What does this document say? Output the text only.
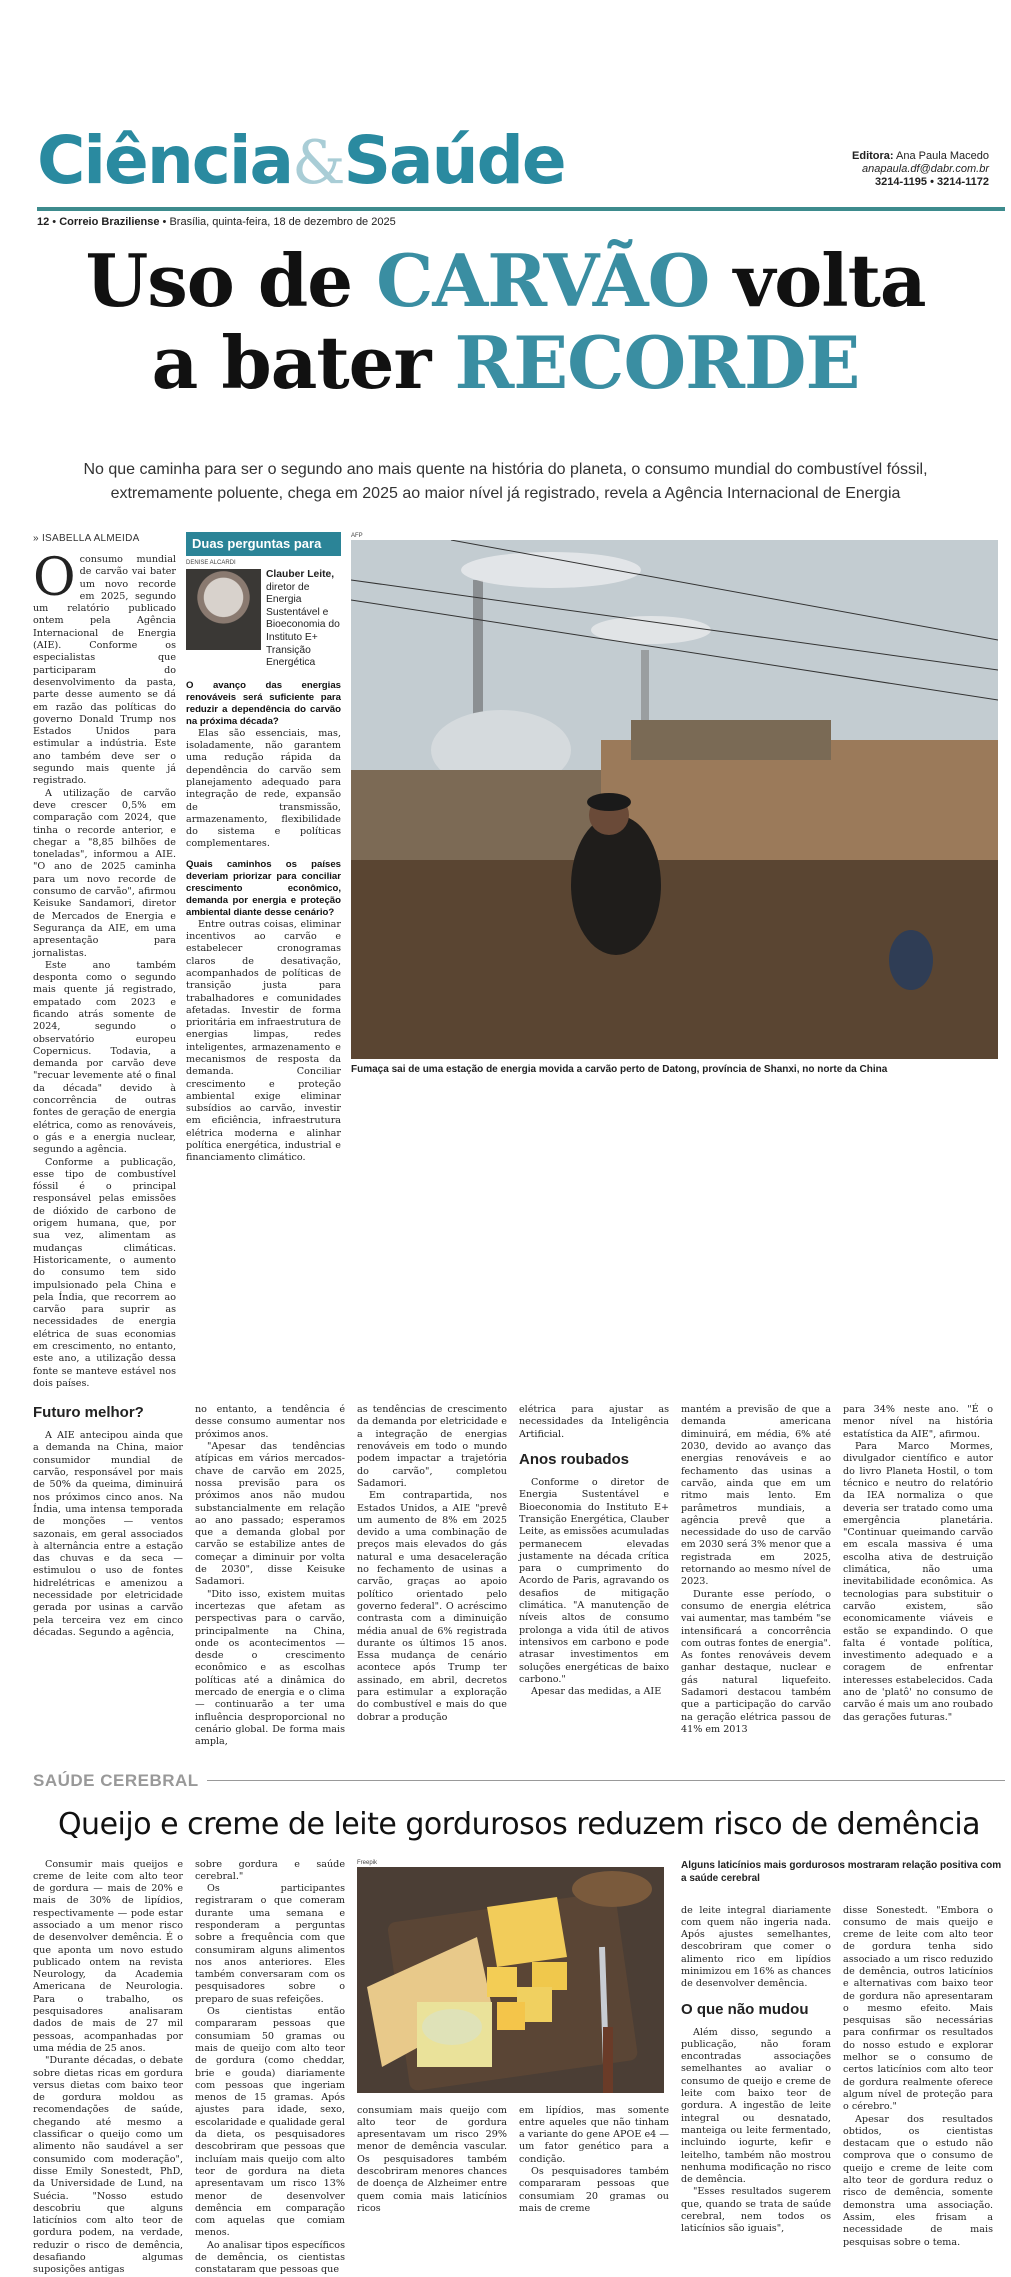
Ciência&Saúde	Editora: Ana Paula Macedo
anapaula.df@dabr.com.br
3214-1195 • 3214-1172
12 • Correio Braziliense • Brasília, quinta-feira, 18 de dezembro de 2025
Uso de CARVÃO volta
a bater RECORDE
No que caminha para ser o segundo ano mais quente na história do planeta, o consumo mundial do combustível fóssil, extremamente poluente, chega em 2025 ao maior nível já registrado, revela a Agência Internacional de Energia
» ISABELLA ALMEIDA

Oconsumo mundial de carvão vai bater um novo recorde em 2025, segundo um relatório publicado ontem pela Agência Internacional de Energia (AIE). Conforme os especialistas que participaram do desenvolvimento da pasta, parte desse aumento se dá em razão das políticas do governo Donald Trump nos Estados Unidos para estimular a indústria. Este ano também deve ser o segundo mais quente já registrado.

A utilização de carvão deve crescer 0,5% em comparação com 2024, que tinha o recorde anterior, e chegar a "8,85 bilhões de toneladas", informou a AIE. "O ano de 2025 caminha para um novo recorde de consumo de carvão", afirmou Keisuke Sandamori, diretor de Mercados de Energia e Segurança da AIE, em uma apresentação para jornalistas.

Este ano também desponta como o segundo mais quente já registrado, empatado com 2023 e ficando atrás somente de 2024, segundo o observatório europeu Copernicus. Todavia, a demanda por carvão deve "recuar levemente até o final da década" devido à concorrência de outras fontes de geração de energia elétrica, como as renováveis, o gás e a energia nuclear, segundo a agência.

Conforme a publicação, esse tipo de combustível fóssil é o principal responsável pelas emissões de dióxido de carbono de origem humana, que, por sua vez, alimentam as mudanças climáticas. Historicamente, o aumento do consumo tem sido impulsionado pela China e pela Índia, que recorrem ao carvão para suprir as necessidades de energia elétrica de suas economias em crescimento, no entanto, este ano, a utilização dessa fonte se manteve estável nos dois países.

Duas perguntas para
DENISE ALCARDI
Clauber Leite,
diretor de Energia Sustentável e Bioeconomia do Instituto E+ Transição Energética

O avanço das energias renováveis será suficiente para reduzir a dependência do carvão na próxima década?

Elas são essenciais, mas, isoladamente, não garantem uma redução rápida da dependência do carvão sem planejamento adequado para integração de rede, expansão de transmissão, armazenamento, flexibilidade do sistema e políticas complementares.

Quais caminhos os países deveriam priorizar para conciliar crescimento econômico, demanda por energia e proteção ambiental diante desse cenário?

Entre outras coisas, eliminar incentivos ao carvão e estabelecer cronogramas claros de desativação, acompanhados de políticas de transição justa para trabalhadores e comunidades afetadas. Investir de forma prioritária em infraestrutura de energias limpas, redes inteligentes, armazenamento e mecanismos de resposta da demanda. Conciliar crescimento e proteção ambiental exige eliminar subsídios ao carvão, investir em eficiência, infraestrutura elétrica moderna e alinhar política energética, industrial e financiamento climático.

AFP
Fumaça sai de uma estação de energia movida a carvão perto de Datong, província de Shanxi, no norte da China
Futuro melhor?

A AIE antecipou ainda que a demanda na China, maior consumidor mundial de carvão, responsável por mais de 50% da queima, diminuirá nos próximos cinco anos. Na Índia, uma intensa temporada de monções — ventos sazonais, em geral associados à alternância entre a estação das chuvas e da seca — estimulou o uso de fontes hidrelétricas e amenizou a necessidade por eletricidade gerada por usinas a carvão pela terceira vez em cinco décadas. Segundo a agência,

no entanto, a tendência é desse consumo aumentar nos próximos anos.

"Apesar das tendências atípicas em vários mercados-chave de carvão em 2025, nossa previsão para os próximos anos não mudou substancialmente em relação ao ano passado; esperamos que a demanda global por carvão se estabilize antes de começar a diminuir por volta de 2030", disse Keisuke Sadamori.

"Dito isso, existem muitas incertezas que afetam as perspectivas para o carvão, principalmente na China, onde os acontecimentos — desde o crescimento econômico e as escolhas políticas até a dinâmica do mercado de energia e o clima — continuarão a ter uma influência desproporcional no cenário global. De forma mais ampla,

as tendências de crescimento da demanda por eletricidade e a integração de energias renováveis em todo o mundo podem impactar a trajetória do carvão", completou Sadamori.

Em contrapartida, nos Estados Unidos, a AIE "prevê um aumento de 8% em 2025 devido a uma combinação de preços mais elevados do gás natural e uma desaceleração no fechamento de usinas a carvão, graças ao apoio político orientado pelo governo federal". O acréscimo contrasta com a diminuição média anual de 6% registrada durante os últimos 15 anos. Essa mudança de cenário acontece após Trump ter assinado, em abril, decretos para estimular a exploração do combustível e mais do que dobrar a produção

elétrica para ajustar as necessidades da Inteligência Artificial.

Anos roubados

Conforme o diretor de Energia Sustentável e Bioeconomia do Instituto E+ Transição Energética, Clauber Leite, as emissões acumuladas permanecem elevadas justamente na década crítica para o cumprimento do Acordo de Paris, agravando os desafios de mitigação climática. "A manutenção de níveis altos de consumo prolonga a vida útil de ativos intensivos em carbono e pode atrasar investimentos em soluções energéticas de baixo carbono."

Apesar das medidas, a AIE

mantém a previsão de que a demanda americana diminuirá, em média, 6% até 2030, devido ao avanço das energias renováveis e ao fechamento das usinas a carvão, ainda que em um ritmo mais lento. Em parâmetros mundiais, a agência prevê que a necessidade do uso de carvão em 2030 será 3% menor que a registrada em 2025, retornando ao mesmo nível de 2023.

Durante esse período, o consumo de energia elétrica vai aumentar, mas também "se intensificará a concorrência com outras fontes de energia". As fontes renováveis devem ganhar destaque, nuclear e gás natural liquefeito. Sadamori destacou também que a participação do carvão na geração elétrica passou de 41% em 2013

para 34% neste ano. "É o menor nível na história estatística da AIE", afirmou.

Para Marco Mormes, divulgador científico e autor do livro Planeta Hostil, o tom técnico e neutro do relatório da IEA normaliza o que deveria ser tratado como uma emergência planetária. "Continuar queimando carvão em escala massiva é uma escolha ativa de destruição climática, não uma inevitabilidade econômica. As tecnologias para substituir o carvão existem, são economicamente viáveis e estão se expandindo. O que falta é vontade política, investimento adequado e a coragem de enfrentar interesses estabelecidos. Cada ano de 'platô' no consumo de carvão é mais um ano roubado das gerações futuras."

SAÚDE CEREBRAL
Queijo e creme de leite gordurosos reduzem risco de demência

Consumir mais queijos e creme de leite com alto teor de gordura — mais de 20% e mais de 30% de lipídios, respectivamente — pode estar associado a um menor risco de desenvolver demência. É o que aponta um novo estudo publicado ontem na revista Neurology, da Academia Americana de Neurologia. Para o trabalho, os pesquisadores analisaram dados de mais de 27 mil pessoas, acompanhadas por uma média de 25 anos.

"Durante décadas, o debate sobre dietas ricas em gordura versus dietas com baixo teor de gordura moldou as recomendações de saúde, chegando até mesmo a classificar o queijo como um alimento não saudável a ser consumido com moderação", disse Emily Sonestedt, PhD, da Universidade de Lund, na Suécia. "Nosso estudo descobriu que alguns laticínios com alto teor de gordura podem, na verdade, reduzir o risco de demência, desafiando algumas suposições antigas

sobre gordura e saúde cerebral."

Os participantes registraram o que comeram durante uma semana e responderam a perguntas sobre a frequência com que consumiram alguns alimentos nos anos anteriores. Eles também conversaram com os pesquisadores sobre o preparo de suas refeições.

Os cientistas então compararam pessoas que consumiam 50 gramas ou mais de queijo com alto teor de gordura (como cheddar, brie e gouda) diariamente com pessoas que ingeriam menos de 15 gramas. Após ajustes para idade, sexo, escolaridade e qualidade geral da dieta, os pesquisadores descobriram que pessoas que incluíam mais queijo com alto teor de gordura na dieta apresentavam um risco 13% menor de desenvolver demência em comparação com aquelas que comiam menos.

Ao analisar tipos específicos de demência, os cientistas constataram que pessoas que

Freepik

consumiam mais queijo com alto teor de gordura apresentavam um risco 29% menor de demência vascular. Os pesquisadores também descobriram menores chances de doença de Alzheimer entre quem comia mais laticínios ricos

em lipídios, mas somente entre aqueles que não tinham a variante do gene APOE e4 — um fator genético para a condição.

Os pesquisadores também compararam pessoas que consumiam 20 gramas ou mais de creme

Alguns laticínios mais gordurosos mostraram relação positiva com a saúde cerebral

de leite integral diariamente com quem não ingeria nada. Após ajustes semelhantes, descobriram que comer o alimento rico em lipídios minimizou em 16% as chances de desenvolver demência.

O que não mudou

Além disso, segundo a publicação, não foram encontradas associações semelhantes ao avaliar o consumo de queijo e creme de leite com baixo teor de gordura. A ingestão de leite integral ou desnatado, manteiga ou leite fermentado, incluindo iogurte, kefir e leitelho, também não mostrou nenhuma modificação no risco de demência.

"Esses resultados sugerem que, quando se trata de saúde cerebral, nem todos os laticínios são iguais",

disse Sonestedt. "Embora o consumo de mais queijo e creme de leite com alto teor de gordura tenha sido associado a um risco reduzido de demência, outros laticínios e alternativas com baixo teor de gordura não apresentaram o mesmo efeito. Mais pesquisas são necessárias para confirmar os resultados do nosso estudo e explorar melhor se o consumo de certos laticínios com alto teor de gordura realmente oferece algum nível de proteção para o cérebro."

Apesar dos resultados obtidos, os cientistas destacam que o estudo não comprova que o consumo de queijo e creme de leite com alto teor de gordura reduz o risco de demência, somente demonstra uma associação. Assim, eles frisam a necessidade de mais pesquisas sobre o tema.
